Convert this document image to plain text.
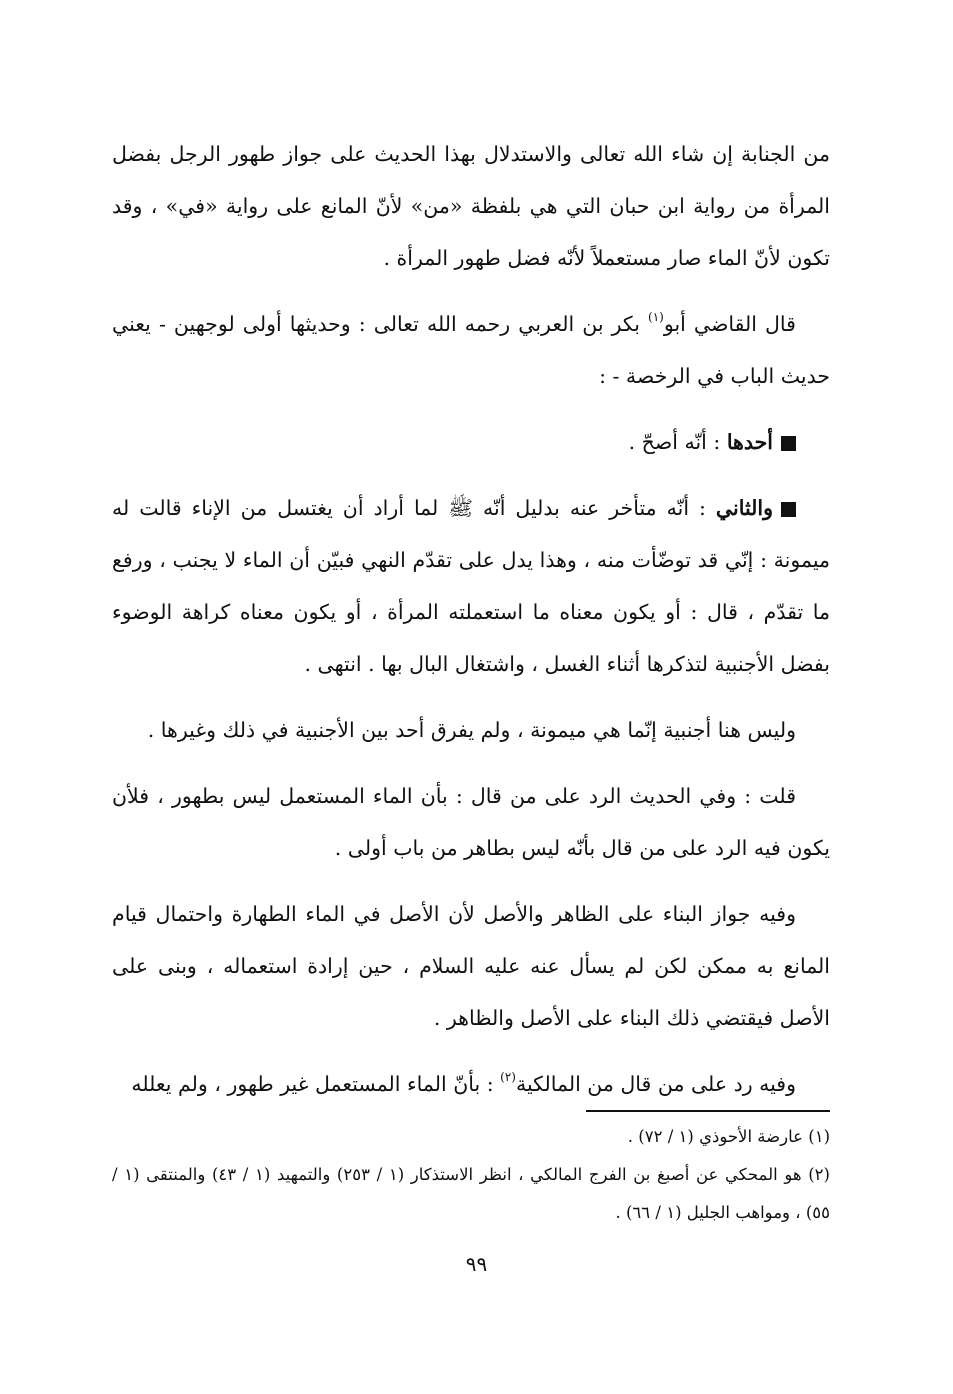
من الجنابة إن شاء الله تعالى والاستدلال بهذا الحديث على جواز طهور الرجل بفضل المرأة من رواية ابن حبان التي هي بلفظة «من» لأنّ المانع على رواية «في» ، وقد تكون لأنّ الماء صار مستعملاً لأنّه فضل طهور المرأة .

قال القاضي أبو$^{(١)}$ بكر بن العربي رحمه الله تعالى : وحديثها أولى لوجهين - يعني حديث الباب في الرخصة - :

أحدها : أنّه أصحّ .

والثاني : أنّه متأخر عنه بدليل أنّه ﷺ لما أراد أن يغتسل من الإناء قالت له ميمونة : إنّي قد توضّأت منه ، وهذا يدل على تقدّم النهي فبيّن أن الماء لا يجنب ، ورفع ما تقدّم ، قال : أو يكون معناه ما استعملته المرأة ، أو يكون معناه كراهة الوضوء بفضل الأجنبية لتذكرها أثناء الغسل ، واشتغال البال بها . انتهى .

وليس هنا أجنبية إنّما هي ميمونة ، ولم يفرق أحد بين الأجنبية في ذلك وغيرها .

قلت : وفي الحديث الرد على من قال : بأن الماء المستعمل ليس بطهور ، فلأن يكون فيه الرد على من قال بأنّه ليس بطاهر من باب أولى .

وفيه جواز البناء على الظاهر والأصل لأن الأصل في الماء الطهارة واحتمال قيام المانع به ممكن لكن لم يسأل عنه عليه السلام ، حين إرادة استعماله ، وبنى على الأصل فيقتضي ذلك البناء على الأصل والظاهر .

وفيه رد على من قال من المالكية$^{(٢)}$ : بأنّ الماء المستعمل غير طهور ، ولم يعلله

(١) عارضة الأحوذي (١ / ٧٢) .

(٢) هو المحكي عن أصبغ بن الفرج المالكي ، انظر الاستذكار (١ / ٢٥٣) والتمهيد (١ / ٤٣) والمنتقى (١ / ٥٥) ، ومواهب الجليل (١ / ٦٦) .

٩٩
